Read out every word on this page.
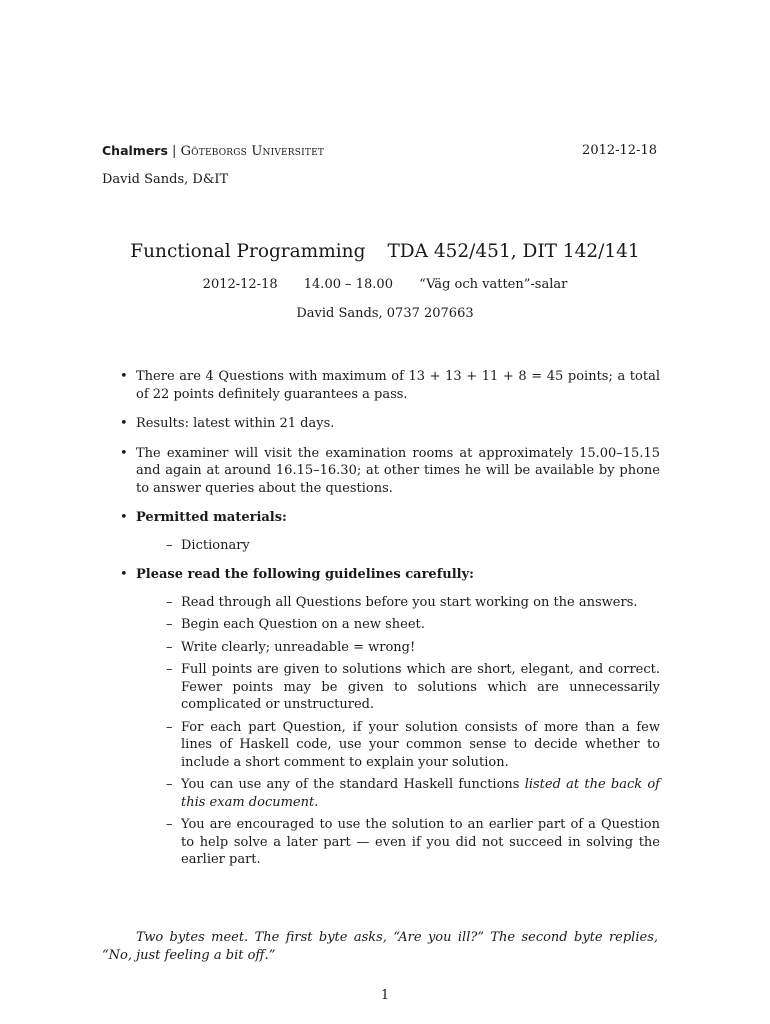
Chalmers | Göteborgs Universitet	2012-12-18
David Sands, D&IT
Functional Programming TDA 452/451, DIT 142/141
2012-12-18 14.00 – 18.00 “Väg och vatten”-salar
David Sands, 0737 207663
• There are 4 Questions with maximum of 13 + 13 + 11 + 8 = 45 points; a total of 22 points definitely guarantees a pass.
• Results: latest within 21 days.
• The examiner will visit the examination rooms at approximately 15.00–15.15 and again at around 16.15–16.30; at other times he will be available by phone to answer queries about the questions.
• Permitted materials:
– Dictionary
• Please read the following guidelines carefully:
– Read through all Questions before you start working on the answers.
– Begin each Question on a new sheet.
– Write clearly; unreadable = wrong!
– Full points are given to solutions which are short, elegant, and correct. Fewer points may be given to solutions which are unnecessarily complicated or unstructured.
– For each part Question, if your solution consists of more than a few lines of Haskell code, use your common sense to decide whether to include a short comment to explain your solution.
– You can use any of the standard Haskell functions listed at the back of this exam document.
– You are encouraged to use the solution to an earlier part of a Question to help solve a later part — even if you did not succeed in solving the earlier part.
Two bytes meet. The first byte asks, “Are you ill?” The second byte replies, “No, just feeling a bit off.”
1
